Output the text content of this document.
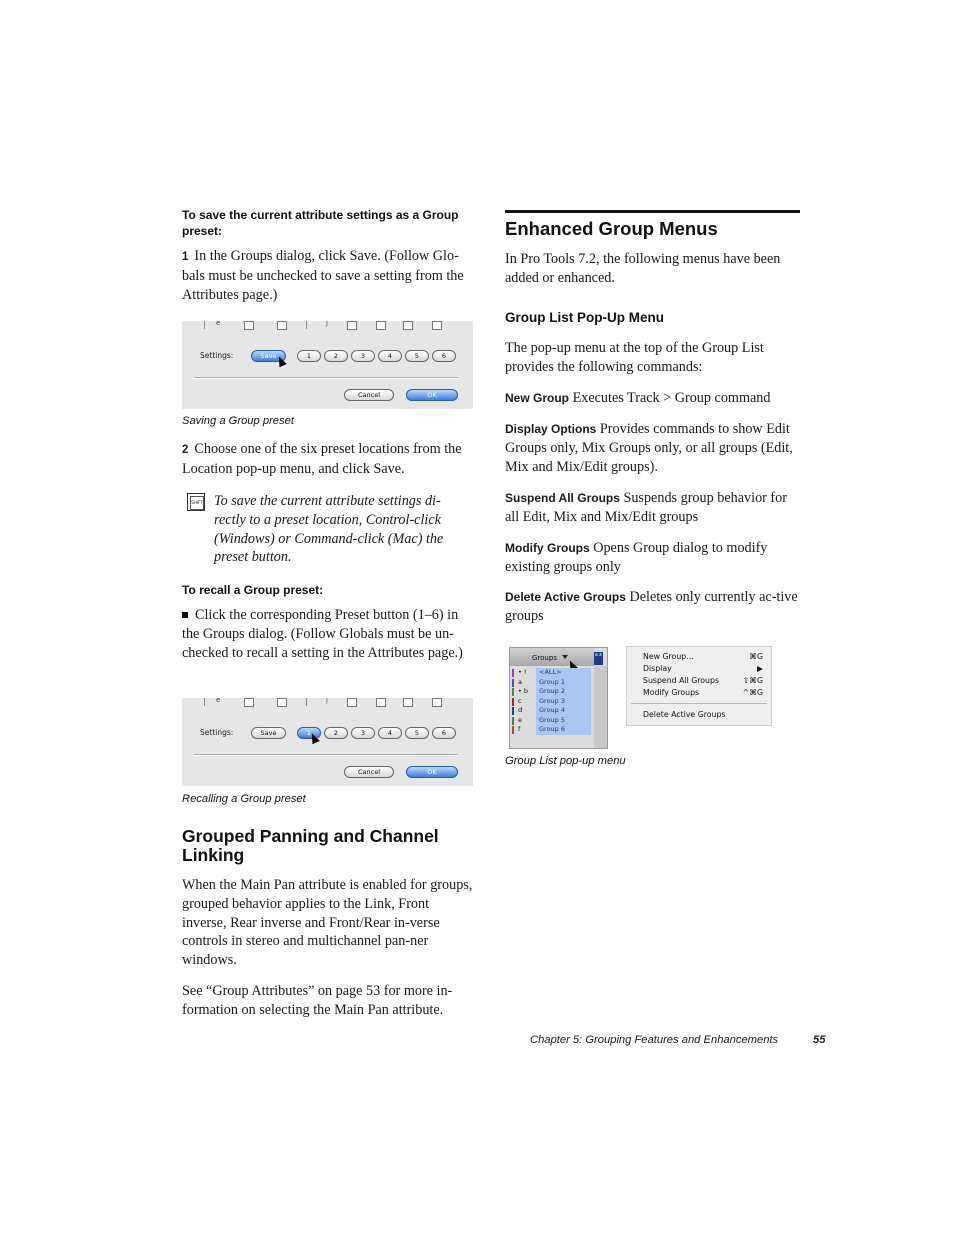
To save the current attribute settings as a Group preset:
1 In the Groups dialog, click Save. (Follow Glo-bals must be unchecked to save a setting from the Attributes page.)
e	j
Settings:	Save	1	2	3	4	5	6
Cancel	OK
Saving a Group preset
2 Choose one of the six preset locations from the Location pop-up menu, and click Save.
SHIFT To save the current attribute settings di-rectly to a preset location, Control-click (Windows) or Command-click (Mac) the preset button.
To recall a Group preset:
Click the corresponding Preset button (1–6) in the Groups dialog. (Follow Globals must be un-checked to recall a setting in the Attributes page.)
e	j
Settings:	Save	1	2	3	4	5	6
Cancel	OK
Recalling a Group preset
Grouped Panning and Channel Linking
When the Main Pan attribute is enabled for groups, grouped behavior applies to the Link, Front inverse, Rear inverse and Front/Rear in-verse controls in stereo and multichannel pan-ner windows.
See “Group Attributes” on page 53 for more in-formation on selecting the Main Pan attribute.
Enhanced Group Menus
In Pro Tools 7.2, the following menus have been added or enhanced.
Group List Pop-Up Menu
The pop-up menu at the top of the Group List provides the following commands:
New Group Executes Track > Group command
Display Options Provides commands to show Edit Groups only, Mix Groups only, or all groups (Edit, Mix and Mix/Edit groups).
Suspend All Groups Suspends group behavior for all Edit, Mix and Mix/Edit groups
Modify Groups Opens Group dialog to modify existing groups only
Delete Active Groups Deletes only currently ac-tive groups
Groups	a z
• !	<ALL>
a	Group 1
• b	Group 2
c	Group 3
d	Group 4
e	Group 5
f	Group 6
New Group...	⌘G
Display	▶
Suspend All Groups	⇧⌘G
Modify Groups	^⌘G
Delete Active Groups
Group List pop-up menu
Chapter 5: Grouping Features and Enhancements	55
